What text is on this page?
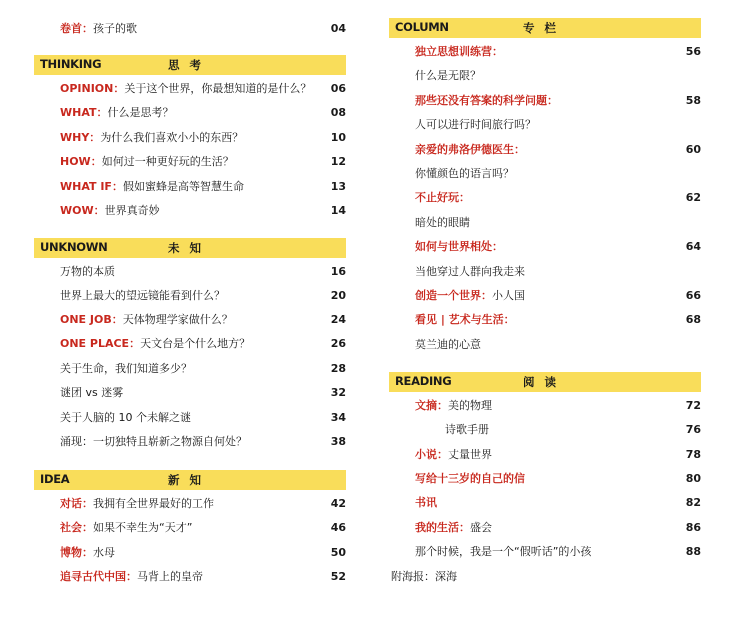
卷首：孩子的歌	04
THINKING	思 考
OPINION：关于这个世界，你最想知道的是什么？ 06
WHAT：什么是思考？	08
WHY：为什么我们喜欢小小的东西？	10
HOW：如何过一种更好玩的生活？	12
WHAT IF：假如蜜蜂是高等智慧生命	13
WOW：世界真奇妙	14
UNKNOWN	未 知
万物的本质	16
世界上最大的望远镜能看到什么？	20
ONE JOB：天体物理学家做什么？	24
ONE PLACE：天文台是个什么地方？	26
关于生命，我们知道多少？	28
谜团 vs 迷雾	32
关于人脑的 10 个未解之谜	34
涌现：一切独特且崭新之物源自何处？	38
IDEA	新 知
对话：我拥有全世界最好的工作	42
社会：如果不幸生为“天才”	46
博物：水母	50
追寻古代中国：马背上的皇帝	52
COLUMN	专 栏
独立思想训练营：	56
什么是无限？
那些还没有答案的科学问题：	58
人可以进行时间旅行吗？
亲爱的弗洛伊德医生：	60
你懂颜色的语言吗？
不止好玩：	62
暗处的眼睛
如何与世界相处：	64
当他穿过人群向我走来
创造一个世界：小人国	66
看见 | 艺术与生活：	68
莫兰迪的心意
READING	阅 读
文摘：美的物理	72
诗歌手册	76
小说：丈量世界	78
写给十三岁的自己的信	80
书讯	82
我的生活：盛会	86
那个时候，我是一个“假听话”的小孩	88
附海报：深海
